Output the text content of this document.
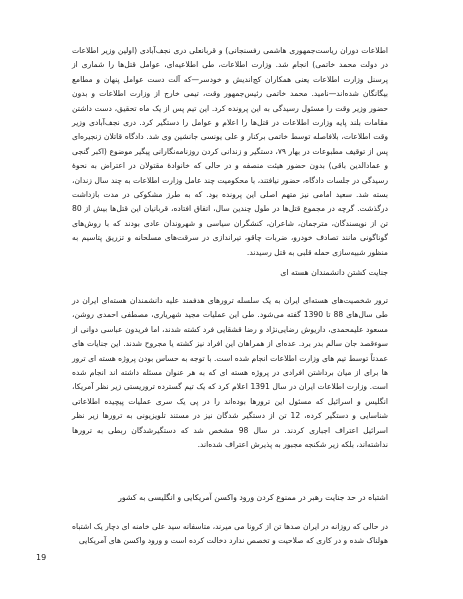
اطلاعات دوران ریاست‌جمهوری هاشمی رفسنجانی) و قربانعلی دری نجف‌آبادی (اولین وزیر اطلاعات در دولت محمد خاتمی) انجام شد. وزارت اطلاعات، طی اطلاعیه‌ای، عوامل قتل‌ها را شماری از پرسنل وزارت اطلاعات یعنی همکاران کج‌اندیش و خودسر—که آلت دست عوامل پنهان و مطامع بیگانگان شده‌اند—نامید. محمد خاتمی رئیس‌جمهور وقت، تیمی خارج از وزارت اطلاعات و بدون حضور وزیر وقت را مسئول رسیدگی به این پرونده کرد. این تیم پس از یک ماه تحقیق، دست داشتن مقامات بلند پایه وزارت اطلاعات در قتل‌ها را اعلام و عوامل را دستگیر کرد. دری نجف‌آبادی وزیر وقت اطلاعات، بلافاصله توسط خاتمی برکنار و علی یونسی جانشین وی شد. دادگاه قاتلان زنجیره‌ای پس از توقیف مطبوعات در بهار ۷۹، دستگیر و زندانی کردن روزنامه‌نگارانی پیگیر موضوع (اکبر گنجی و عمادالدین باقی) بدون حضور هیئت منصفه و در حالی که خانوادهٔ مقتولان در اعتراض به نحوهٔ رسیدگی در جلسات دادگاه، حضور نیافتند، با محکومیت چند عامل وزارت اطلاعات به چند سال زندان، بسته شد. سعید امامی نیز متهم اصلی این پرونده بود. که به طرز مشکوکی در مدت بازداشت درگذشت. گرچه در مجموع قتل‌ها در طول چندین سال، اتفاق افتاده، قربانیان این قتل‌ها بیش از 80 تن از نویسندگان، مترجمان، شاعران، کنشگران سیاسی و شهروندان عادی بودند که با روش‌های گوناگونی مانند تصادف خودرو، ضربات چاقو، تیراندازی در سرقت‌های مسلحانه و تزریق پتاسیم به منظور شبیه‌سازی حمله قلبی به قتل رسیدند.

جنایت کشتن دانشمندان هسته ای

ترور شخصیت‌های هسته‌ای ایران به یک سلسله ترورهای هدفمند علیه دانشمندان هسته‌ای ایران در طی سال‌های 88 تا 1390 گفته می‌شود. طی این عملیات مجید شهریاری، مصطفی احمدی روشن، مسعود علیمحمدی، داریوش رضایی‌نژاد و رضا قشقایی فرد کشته شدند، اما فریدون عباسی دوانی از سوءقصد جان سالم بدر برد. عده‌ای از همراهان این افراد نیز کشته یا مجروح شدند. این جنایات های عمدتاً توسط تیم های وزارت اطلاعات انجام شده است. با توجه به حساس بودن پروژه هسته ای ترور ها برای از میان برداشتن افرادی در پروژه هسته ای که به هر عنوان مسئله داشته اند انجام شده است. وزارت اطلاعات ایران در سال 1391 اعلام کرد که یک تیم گسترده تروریستی زیر نظر آمریکا، انگلیس و اسرائیل که مسئول این ترورها بوده‌اند را در پی یک سری عملیات پیچیده اطلاعاتی شناسایی و دستگیر کرده، 12 تن از دستگیر شدگان نیز در مستند تلویزیونی به ترورها زیر نظر اسرائیل اعتراف اجباری کردند. در سال 98 مشخص شد که دستگیرشدگان ربطی به ترورها نداشته‌اند، بلکه زیر شکنجه مجبور به پذیرش اعتراف شده‌اند.

اشتباه در حد جنایت رهبر در ممنوع کردن ورود واکسن آمریکایی و انگلیسی به کشور

در حالی که روزانه در ایران صدها تن از کرونا می میرند، متاسفانه سید علی خامنه ای دچار یک اشتباه هولناک شده و در کاری که صلاحیت و تخصص ندارد دخالت کرده است و ورود واکسن های آمریکایی

19
